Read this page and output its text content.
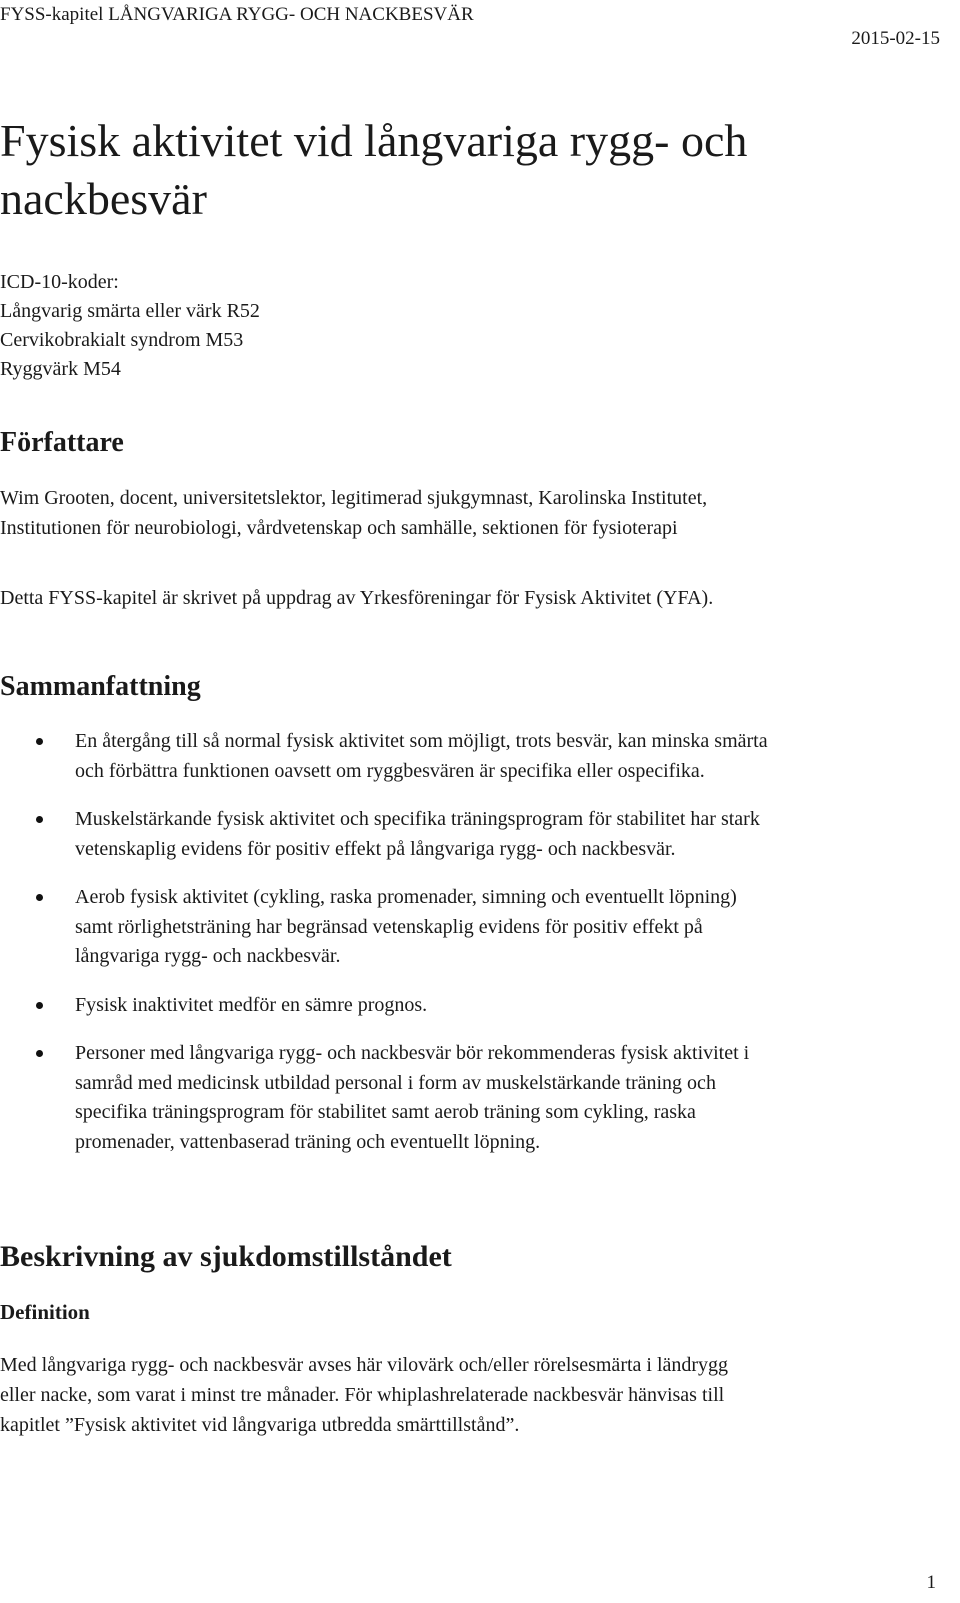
FYSS-kapitel LÅNGVARIGA RYGG- OCH NACKBESVÄR
2015-02-15
Fysisk aktivitet vid långvariga rygg- och
nackbesvär
ICD-10-koder:
Långvarig smärta eller värk R52
Cervikobrakialt syndrom M53
Ryggvärk M54
Författare
Wim Grooten, docent, universitetslektor, legitimerad sjukgymnast, Karolinska Institutet,
Institutionen för neurobiologi, vårdvetenskap och samhälle, sektionen för fysioterapi
Detta FYSS-kapitel är skrivet på uppdrag av Yrkesföreningar för Fysisk Aktivitet (YFA).
Sammanfattning
En återgång till så normal fysisk aktivitet som möjligt, trots besvär, kan minska smärta
och förbättra funktionen oavsett om ryggbesvären är specifika eller ospecifika.
Muskelstärkande fysisk aktivitet och specifika träningsprogram för stabilitet har stark
vetenskaplig evidens för positiv effekt på långvariga rygg- och nackbesvär.
Aerob fysisk aktivitet (cykling, raska promenader, simning och eventuellt löpning)
samt rörlighetsträning har begränsad vetenskaplig evidens för positiv effekt på
långvariga rygg- och nackbesvär.
Fysisk inaktivitet medför en sämre prognos.
Personer med långvariga rygg- och nackbesvär bör rekommenderas fysisk aktivitet i
samråd med medicinsk utbildad personal i form av muskelstärkande träning och
specifika träningsprogram för stabilitet samt aerob träning som cykling, raska
promenader, vattenbaserad träning och eventuellt löpning.
Beskrivning av sjukdomstillståndet
Definition
Med långvariga rygg- och nackbesvär avses här vilovärk och/eller rörelsesmärta i ländrygg
eller nacke, som varat i minst tre månader. För whiplashrelaterade nackbesvär hänvisas till
kapitlet ”Fysisk aktivitet vid långvariga utbredda smärttillstånd”.
1
